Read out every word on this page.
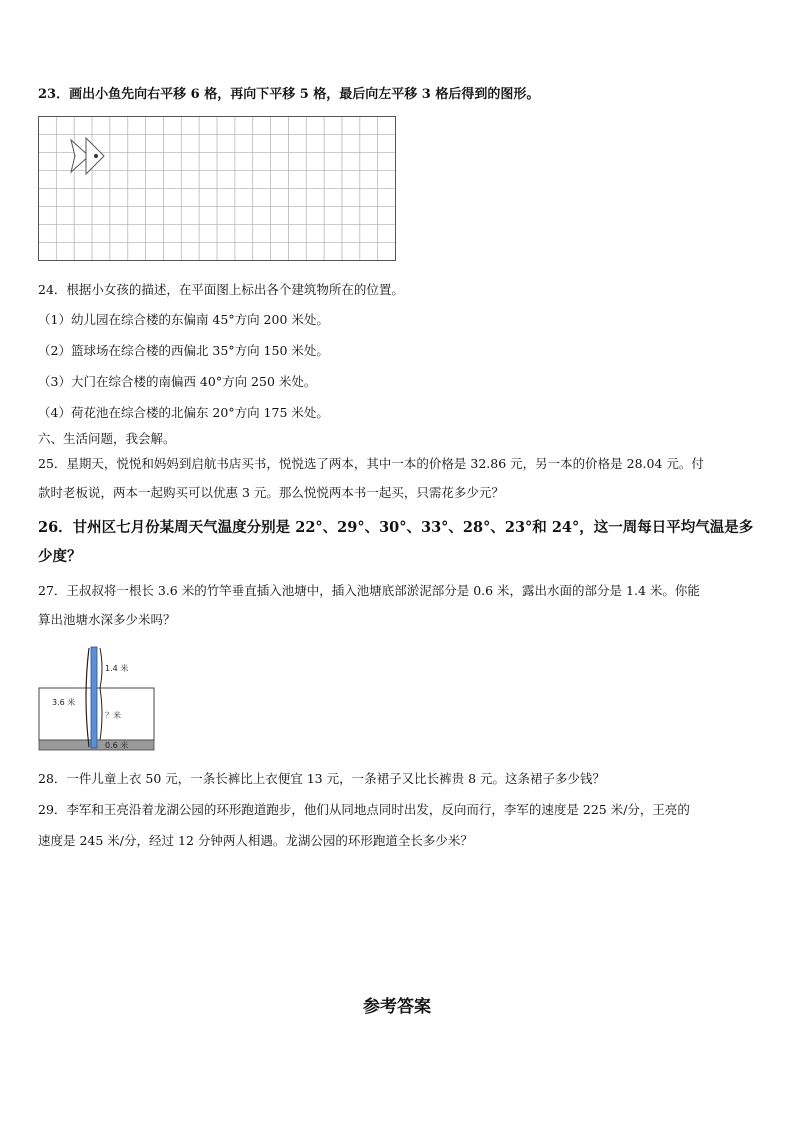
23．画出小鱼先向右平移 6 格，再向下平移 5 格，最后向左平移 3 格后得到的图形。
24．根据小女孩的描述，在平面图上标出各个建筑物所在的位置。
（1）幼儿园在综合楼的东偏南 45°方向 200 米处。
（2）篮球场在综合楼的西偏北 35°方向 150 米处。
（3）大门在综合楼的南偏西 40°方向 250 米处。
（4）荷花池在综合楼的北偏东 20°方向 175 米处。
六、生活问题，我会解。
25．星期天，悦悦和妈妈到启航书店买书，悦悦选了两本，其中一本的价格是 32.86 元，另一本的价格是 28.04 元。付
款时老板说，两本一起购买可以优惠 3 元。那么悦悦两本书一起买，只需花多少元？
26．甘州区七月份某周天气温度分别是 22°、29°、30°、33°、28°、23°和 24°，这一周每日平均气温是多
少度？
27．王叔叔将一根长 3.6 米的竹竿垂直插入池塘中，插入池塘底部淤泥部分是 0.6 米，露出水面的部分是 1.4 米。你能
算出池塘水深多少米吗？
1.4 米
3.6 米
？米
0.6 米
28．一件儿童上衣 50 元，一条长裤比上衣便宜 13 元，一条裙子又比长裤贵 8 元。这条裙子多少钱？
29．李军和王亮沿着龙湖公园的环形跑道跑步，他们从同地点同时出发，反向而行，李军的速度是 225 米/分，王亮的
速度是 245 米/分，经过 12 分钟两人相遇。龙湖公园的环形跑道全长多少米？
参考答案
